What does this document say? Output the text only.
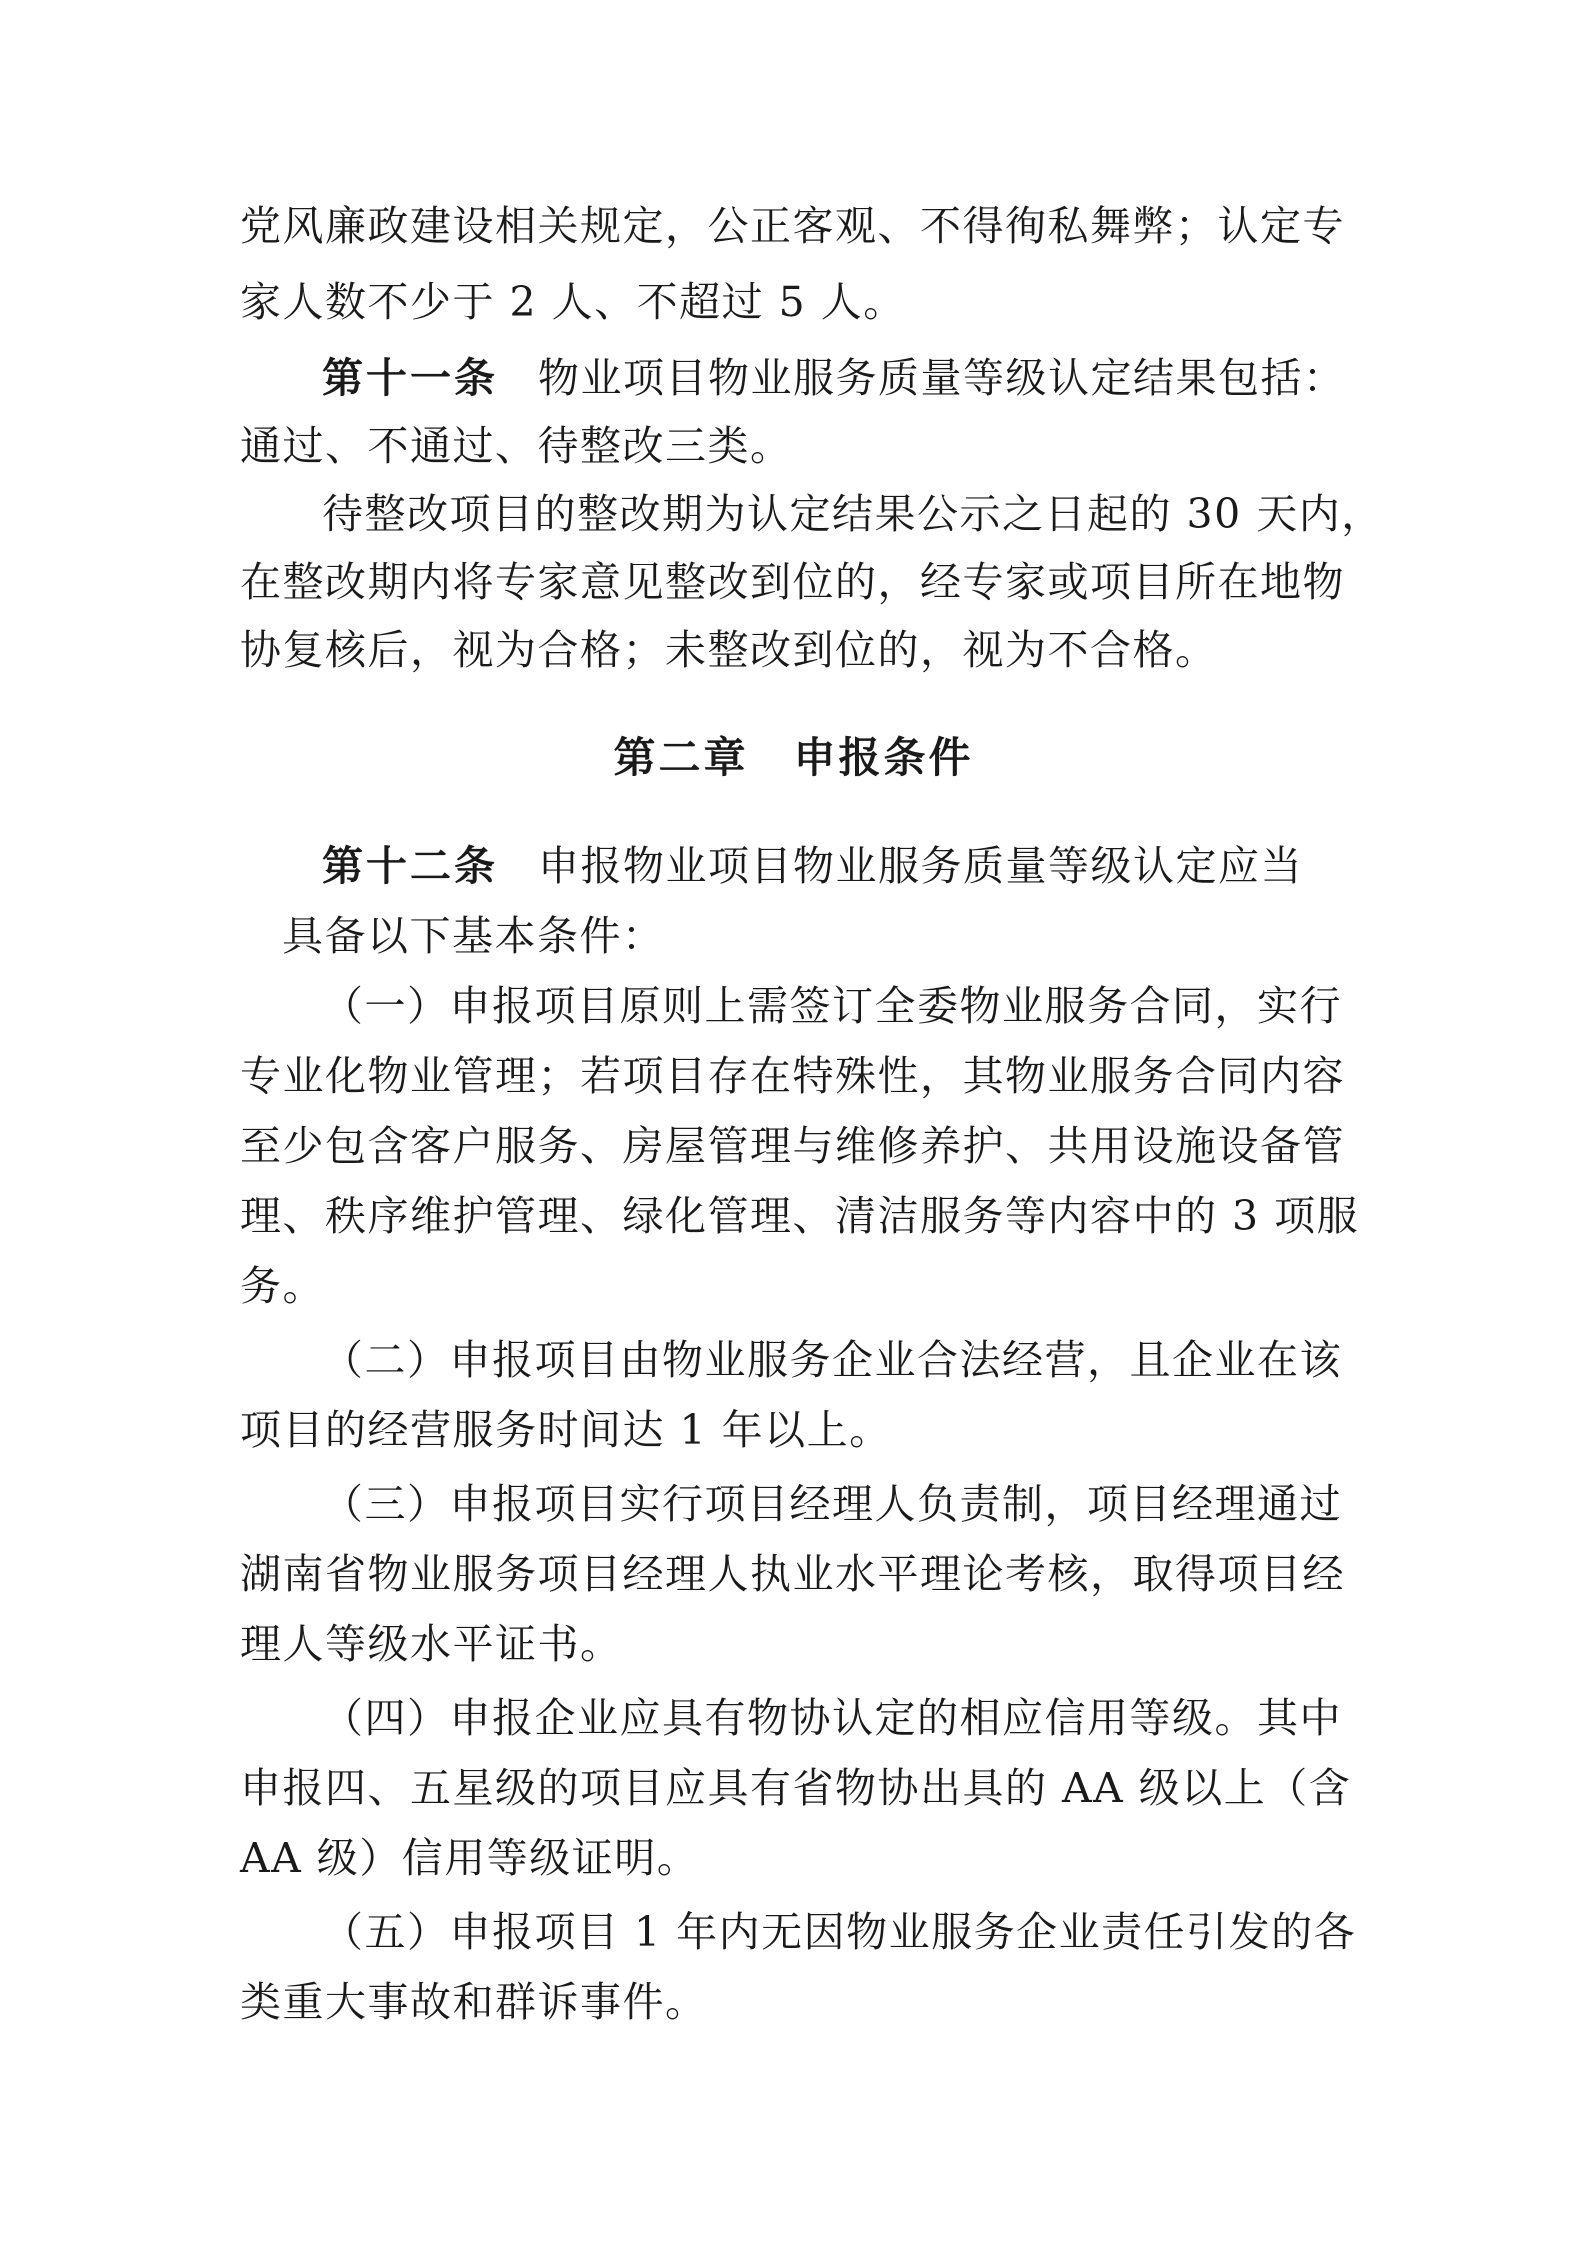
党风廉政建设相关规定，公正客观、不得徇私舞弊；认定专
家人数不少于 2 人、不超过 5 人。
第十一条 物业项目物业服务质量等级认定结果包括：
通过、不通过、待整改三类。
待整改项目的整改期为认定结果公示之日起的 30 天内，
在整改期内将专家意见整改到位的，经专家或项目所在地物
协复核后，视为合格；未整改到位的，视为不合格。
第二章　申报条件
第十二条 申报物业项目物业服务质量等级认定应当
具备以下基本条件：
（一）申报项目原则上需签订全委物业服务合同，实行
专业化物业管理；若项目存在特殊性，其物业服务合同内容
至少包含客户服务、房屋管理与维修养护、共用设施设备管
理、秩序维护管理、绿化管理、清洁服务等内容中的 3 项服
务。
（二）申报项目由物业服务企业合法经营，且企业在该
项目的经营服务时间达 1 年以上。
（三）申报项目实行项目经理人负责制，项目经理通过
湖南省物业服务项目经理人执业水平理论考核，取得项目经
理人等级水平证书。
（四）申报企业应具有物协认定的相应信用等级。其中
申报四、五星级的项目应具有省物协出具的 AA 级以上（含
AA 级）信用等级证明。
（五）申报项目 1 年内无因物业服务企业责任引发的各
类重大事故和群诉事件。
